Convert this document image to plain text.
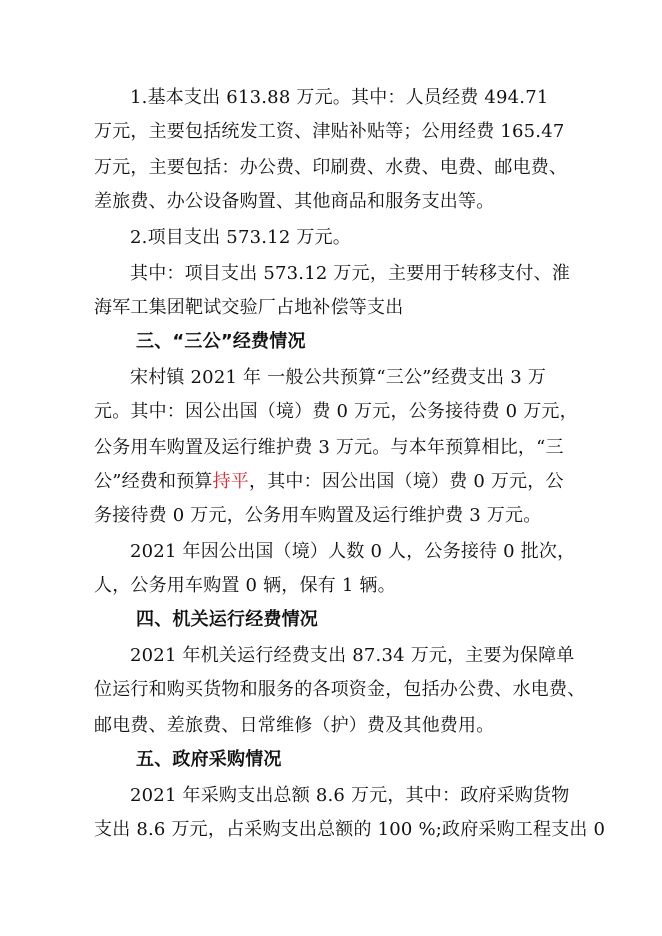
1.基本支出 613.88 万元。其中：人员经费 494.71
万元，主要包括统发工资、津贴补贴等；公用经费 165.47
万元，主要包括：办公费、印刷费、水费、电费、邮电费、
差旅费、办公设备购置、其他商品和服务支出等。
2.项目支出 573.12 万元。
其中：项目支出 573.12 万元，主要用于转移支付、淮
海军工集团靶试交验厂占地补偿等支出
三、“三公”经费情况
宋村镇 2021 年 一般公共预算“三公”经费支出 3 万
元。其中：因公出国（境）费 0 万元，公务接待费 0 万元，
公务用车购置及运行维护费 3 万元。与本年预算相比，“三
公”经费和预算持平，其中：因公出国（境）费 0 万元，公
务接待费 0 万元，公务用车购置及运行维护费 3 万元。
2021 年因公出国（境）人数 0 人，公务接待 0 批次，
人，公务用车购置 0 辆，保有 1 辆。
四、机关运行经费情况
2021 年机关运行经费支出 87.34 万元，主要为保障单
位运行和购买货物和服务的各项资金，包括办公费、水电费、
邮电费、差旅费、日常维修（护）费及其他费用。
五、政府采购情况
2021 年采购支出总额 8.6 万元，其中：政府采购货物
支出 8.6 万元，占采购支出总额的 100 %;政府采购工程支出 0
